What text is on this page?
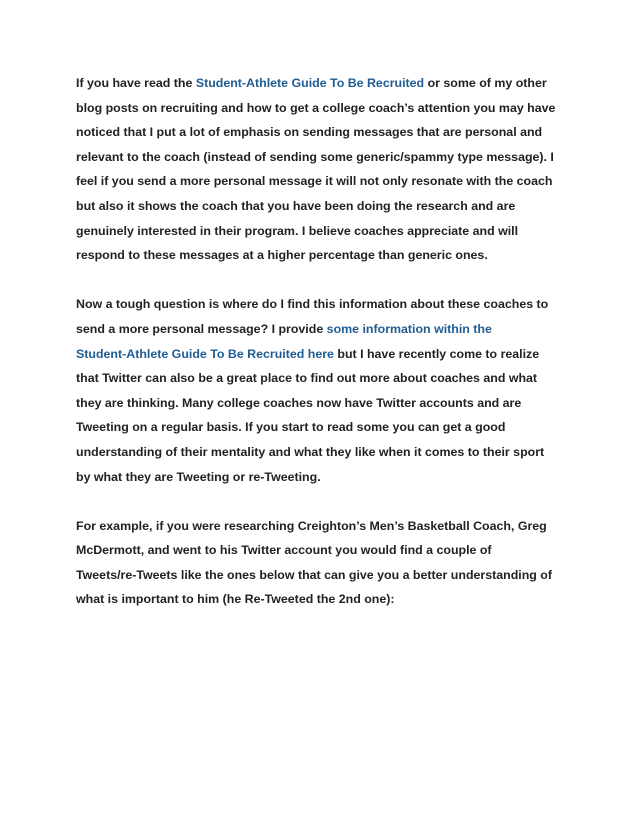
If you have read the Student-Athlete Guide To Be Recruited or some of my other
blog posts on recruiting and how to get a college coach’s attention you may have
noticed that I put a lot of emphasis on sending messages that are personal and
relevant to the coach (instead of sending some generic/spammy type message). I
feel if you send a more personal message it will not only resonate with the coach
but also it shows the coach that you have been doing the research and are
genuinely interested in their program. I believe coaches appreciate and will
respond to these messages at a higher percentage than generic ones.
Now a tough question is where do I find this information about these coaches to
send a more personal message? I provide some information within the
Student-Athlete Guide To Be Recruited here but I have recently come to realize
that Twitter can also be a great place to find out more about coaches and what
they are thinking. Many college coaches now have Twitter accounts and are
Tweeting on a regular basis. If you start to read some you can get a good
understanding of their mentality and what they like when it comes to their sport
by what they are Tweeting or re-Tweeting.
For example, if you were researching Creighton’s Men’s Basketball Coach, Greg
McDermott, and went to his Twitter account you would find a couple of
Tweets/re-Tweets like the ones below that can give you a better understanding of
what is important to him (he Re-Tweeted the 2nd one):
